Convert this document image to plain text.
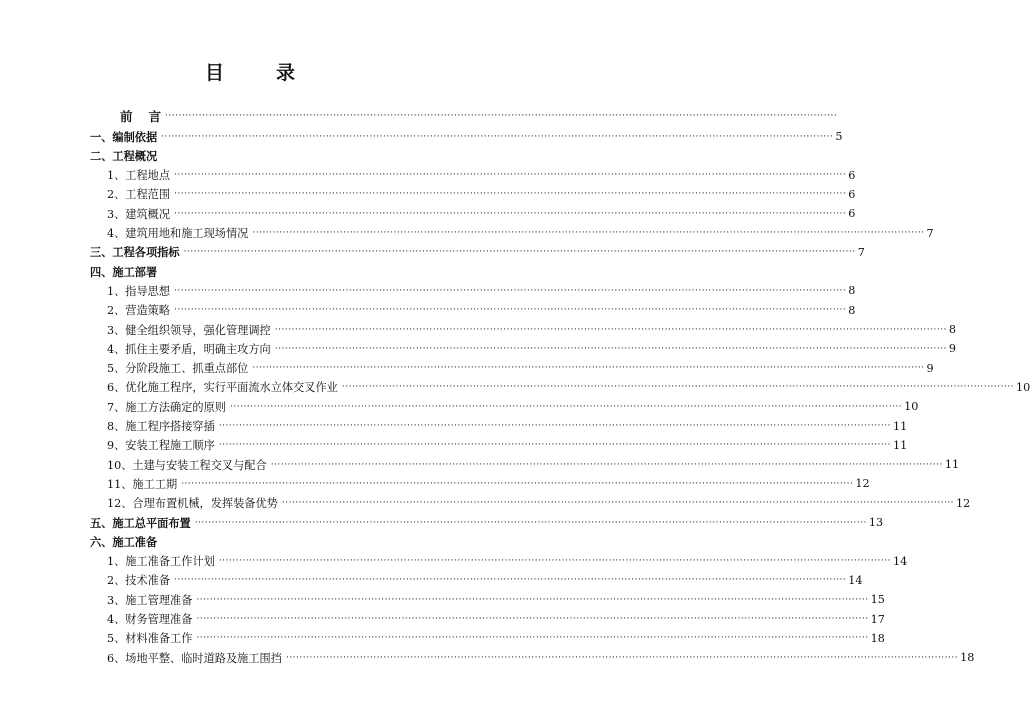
目	录
前 言 ········································································································································································································
一、编制依据 ········································································································································································································ 5
二、工程概况
1、工程地点 ········································································································································································································ 6
2、工程范围 ········································································································································································································ 6
3、建筑概况 ········································································································································································································ 6
4、建筑用地和施工现场情况 ········································································································································································································ 7
三、工程各项指标 ········································································································································································································ 7
四、施工部署
1、指导思想 ········································································································································································································ 8
2、营造策略 ········································································································································································································ 8
3、健全组织领导，强化管理调控 ········································································································································································································ 8
4、抓住主要矛盾，明确主攻方向 ········································································································································································································ 9
5、分阶段施工、抓重点部位 ········································································································································································································ 9
6、优化施工程序，实行平面流水立体交叉作业 ········································································································································································································ 10
7、施工方法确定的原则 ········································································································································································································ 10
8、施工程序搭接穿插 ········································································································································································································ 11
9、安装工程施工顺序 ········································································································································································································ 11
10、土建与安装工程交叉与配合 ········································································································································································································ 11
11、施工工期 ········································································································································································································ 12
12、合理布置机械，发挥装备优势 ········································································································································································································ 12
五、施工总平面布置 ········································································································································································································ 13
六、施工准备
1、施工准备工作计划 ········································································································································································································ 14
2、技术准备 ········································································································································································································ 14
3、施工管理准备 ········································································································································································································ 15
4、财务管理准备 ········································································································································································································ 17
5、材料准备工作 ········································································································································································································ 18
6、场地平整、临时道路及施工围挡 ········································································································································································································ 18
